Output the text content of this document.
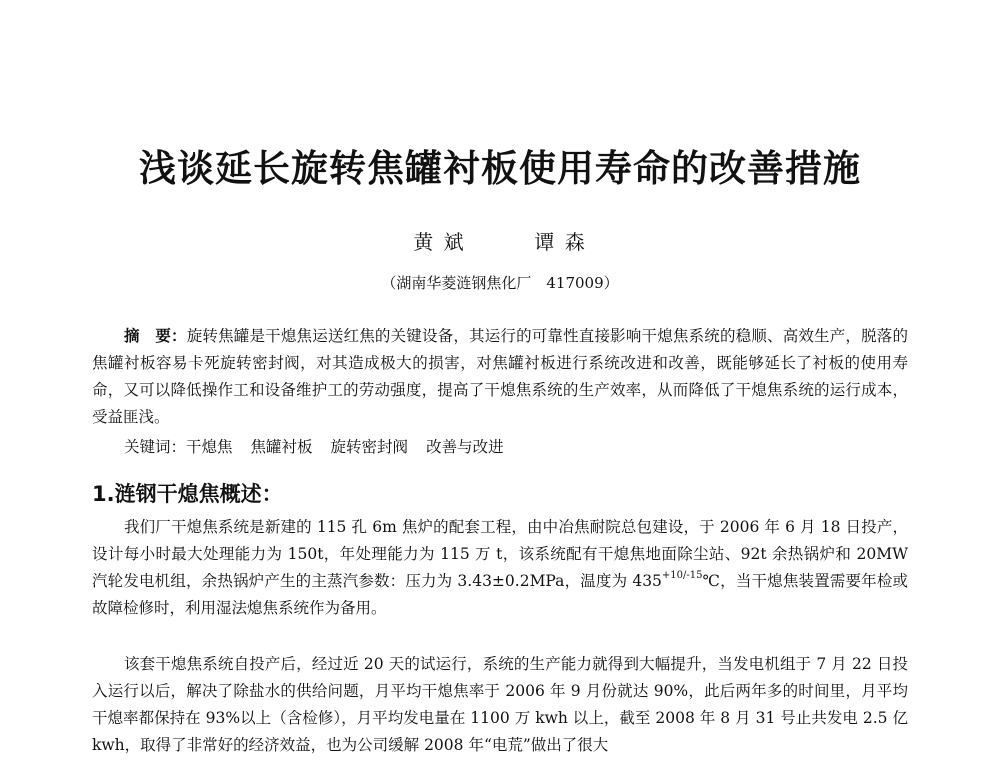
浅谈延长旋转焦罐衬板使用寿命的改善措施
黄 斌	谭 森
（湖南华菱涟钢焦化厂　417009）

摘　要：旋转焦罐是干熄焦运送红焦的关键设备，其运行的可靠性直接影响干熄焦系统的稳顺、高效生产，脱落的焦罐衬板容易卡死旋转密封阀，对其造成极大的损害，对焦罐衬板进行系统改进和改善，既能够延长了衬板的使用寿命，又可以降低操作工和设备维护工的劳动强度，提高了干熄焦系统的生产效率，从而降低了干熄焦系统的运行成本，受益匪浅。

关键词：干熄焦 焦罐衬板 旋转密封阀 改善与改进

1.涟钢干熄焦概述：

我们厂干熄焦系统是新建的 115 孔 6m 焦炉的配套工程，由中冶焦耐院总包建设，于 2006 年 6 月 18 日投产，设计每小时最大处理能力为 150t，年处理能力为 115 万 t，该系统配有干熄焦地面除尘站、92t 余热锅炉和 20MW 汽轮发电机组，余热锅炉产生的主蒸汽参数：压力为 3.43±0.2MPa，温度为 $435^{+10/-15}℃$，当干熄焦装置需要年检或故障检修时，利用湿法熄焦系统作为备用。

该套干熄焦系统自投产后，经过近 20 天的试运行，系统的生产能力就得到大幅提升，当发电机组于 7 月 22 日投入运行以后，解决了除盐水的供给问题，月平均干熄焦率于 2006 年 9 月份就达 90%，此后两年多的时间里，月平均干熄率都保持在 93%以上（含检修），月平均发电量在 1100 万 kwh 以上，截至 2008 年 8 月 31 号止共发电 2.5 亿 kwh，取得了非常好的经济效益，也为公司缓解 2008 年“电荒”做出了很大
